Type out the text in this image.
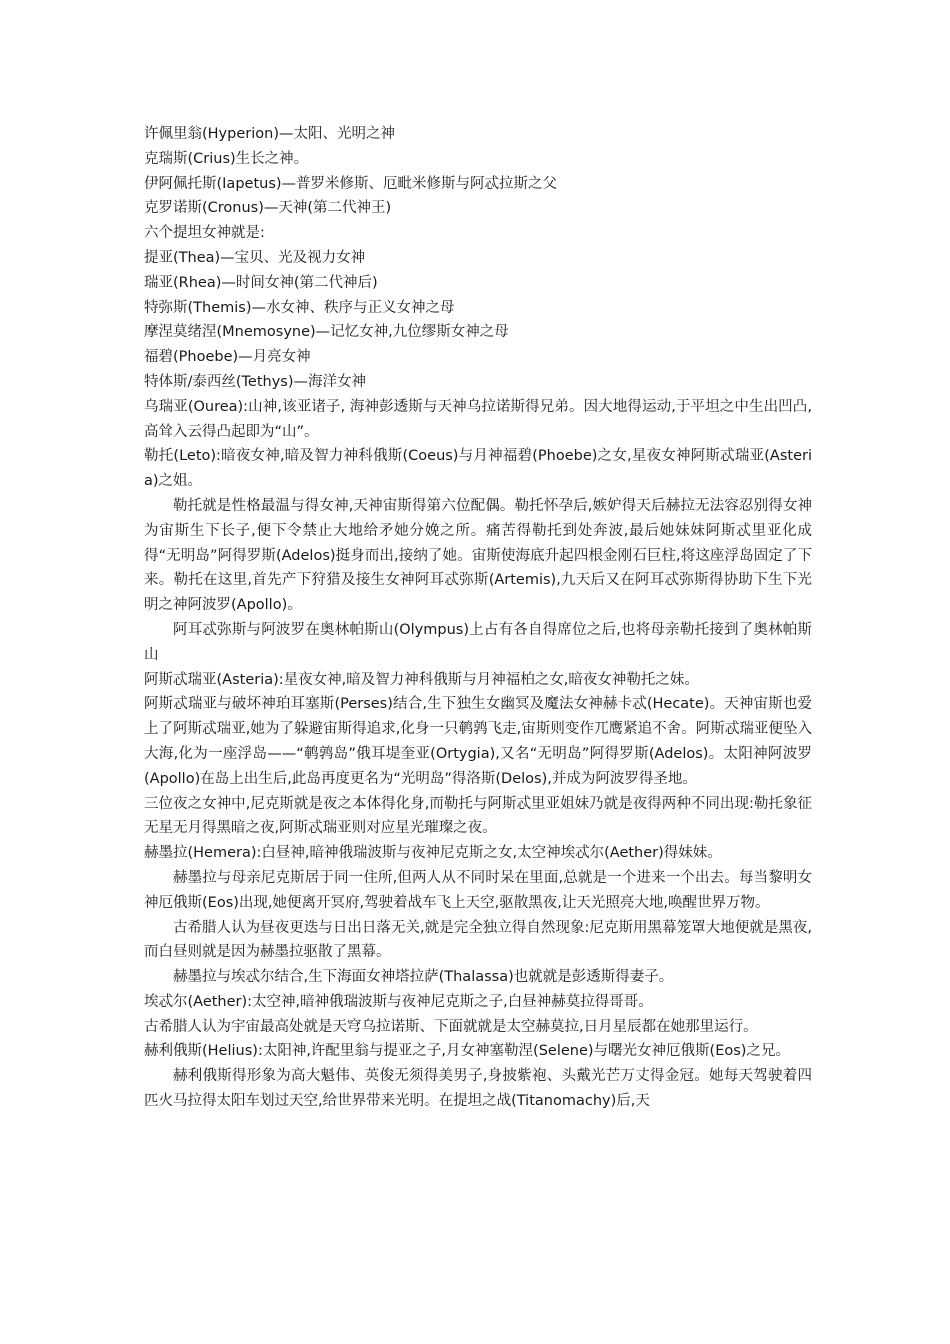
许佩里翁(Hyperion)—太阳、光明之神

克瑞斯(Crius)生长之神。

伊阿佩托斯(Iapetus)—普罗米修斯、厄毗米修斯与阿忒拉斯之父

克罗诺斯(Cronus)—天神(第二代神王)

六个提坦女神就是:

提亚(Thea)—宝贝、光及视力女神

瑞亚(Rhea)—时间女神(第二代神后)

特弥斯(Themis)—水女神、秩序与正义女神之母

摩涅莫绪涅(Mnemosyne)—记忆女神,九位缪斯女神之母

福碧(Phoebe)—月亮女神

特体斯/泰西丝(Tethys)—海洋女神

乌瑞亚(Ourea):山神,该亚诸子, 海神彭透斯与天神乌拉诺斯得兄弟。因大地得运动,于平坦之中生出凹凸,高耸入云得凸起即为“山”。

勒托(Leto):暗夜女神,暗及智力神科俄斯(Coeus)与月神福碧(Phoebe)之女,星夜女神阿斯忒瑞亚(Asteria)之姐。

勒托就是性格最温与得女神,天神宙斯得第六位配偶。勒托怀孕后,嫉妒得天后赫拉无法容忍别得女神为宙斯生下长子,便下令禁止大地给矛她分娩之所。痛苦得勒托到处奔波,最后她妹妹阿斯忒里亚化成得“无明岛”阿得罗斯(Adelos)挺身而出,接纳了她。宙斯使海底升起四根金刚石巨柱,将这座浮岛固定了下来。勒托在这里,首先产下狩猎及接生女神阿耳忒弥斯(Artemis),九天后又在阿耳忒弥斯得协助下生下光明之神阿波罗(Apollo)。

阿耳忒弥斯与阿波罗在奥林帕斯山(Olympus)上占有各自得席位之后,也将母亲勒托接到了奥林帕斯山

阿斯忒瑞亚(Asteria):星夜女神,暗及智力神科俄斯与月神福柏之女,暗夜女神勒托之妹。

阿斯忒瑞亚与破坏神珀耳塞斯(Perses)结合,生下独生女幽冥及魔法女神赫卡忒(Hecate)。天神宙斯也爱上了阿斯忒瑞亚,她为了躲避宙斯得追求,化身一只鹌鹑飞走,宙斯则变作兀鹰紧追不舍。阿斯忒瑞亚便坠入大海,化为一座浮岛——“鹌鹑岛”俄耳堤奎亚(Ortygia),又名“无明岛”阿得罗斯(Adelos)。太阳神阿波罗(Apollo)在岛上出生后,此岛再度更名为“光明岛”得洛斯(Delos),并成为阿波罗得圣地。

三位夜之女神中,尼克斯就是夜之本体得化身,而勒托与阿斯忒里亚姐妹乃就是夜得两种不同出现:勒托象征无星无月得黑暗之夜,阿斯忒瑞亚则对应星光璀璨之夜。

赫墨拉(Hemera):白昼神,暗神俄瑞波斯与夜神尼克斯之女,太空神埃忒尔(Aether)得妹妹。

赫墨拉与母亲尼克斯居于同一住所,但两人从不同时呆在里面,总就是一个进来一个出去。每当黎明女神厄俄斯(Eos)出现,她便离开冥府,驾驶着战车飞上天空,驱散黑夜,让天光照亮大地,唤醒世界万物。

古希腊人认为昼夜更迭与日出日落无关,就是完全独立得自然现象:尼克斯用黑幕笼罩大地便就是黑夜,而白昼则就是因为赫墨拉驱散了黑幕。

赫墨拉与埃忒尔结合,生下海面女神塔拉萨(Thalassa)也就就是彭透斯得妻子。

埃忒尔(Aether):太空神,暗神俄瑞波斯与夜神尼克斯之子,白昼神赫莫拉得哥哥。

古希腊人认为宇宙最高处就是天穹乌拉诺斯、下面就就是太空赫莫拉,日月星辰都在她那里运行。

赫利俄斯(Helius):太阳神,许配里翁与提亚之子,月女神塞勒涅(Selene)与曙光女神厄俄斯(Eos)之兄。

赫利俄斯得形象为高大魁伟、英俊无须得美男子,身披紫袍、头戴光芒万丈得金冠。她每天驾驶着四匹火马拉得太阳车划过天空,给世界带来光明。在提坦之战(Titanomachy)后,天
